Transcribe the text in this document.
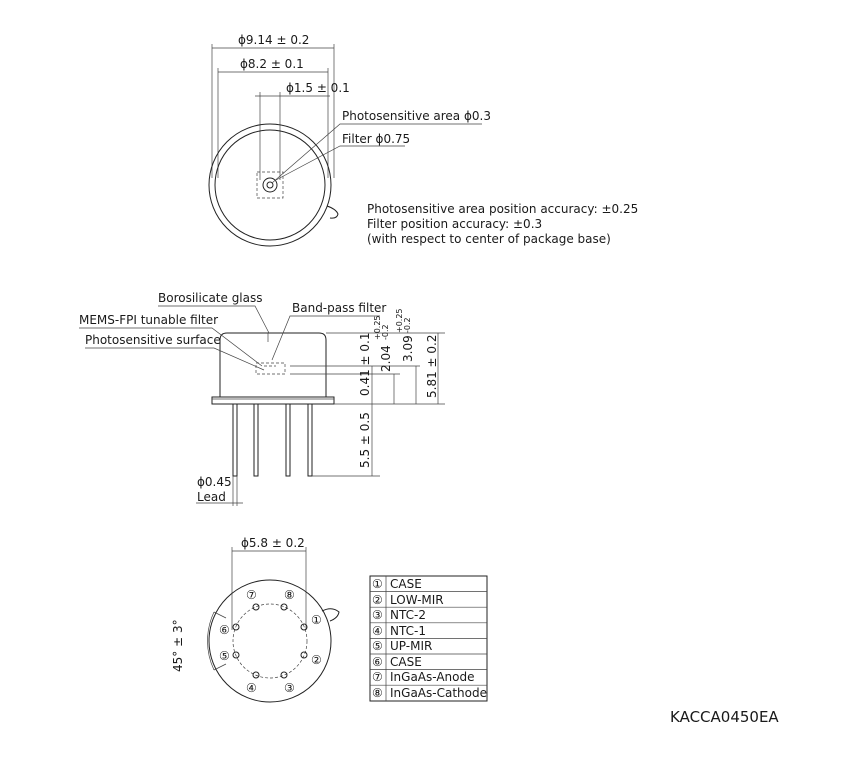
ϕ9.14 ± 0.2
ϕ8.2 ± 0.1
ϕ1.5 ± 0.1
Photosensitive area ϕ0.3
Filter ϕ0.75
Photosensitive area position accuracy: ±0.25
Filter position accuracy: ±0.3
(with respect to center of package base)
Borosilicate glass
Band-pass filter
MEMS-FPI tunable filter
Photosensitive surface	0.41 ± 0.1 2.04
+0.25 -0.2
3.09
+0.25 -0.2
5.81 ± 0.2
5.5 ± 0.5
ϕ0.45
Lead
ϕ5.8 ± 0.2
45° ± 3°	①
②
③
④
⑤
⑥
⑦ ⑧
① CASE
② LOW-MIR
③ NTC-2
④ NTC-1
⑤ UP-MIR
⑥ CASE
⑦ InGaAs-Anode
⑧ InGaAs-Cathode
KACCA0450EA
